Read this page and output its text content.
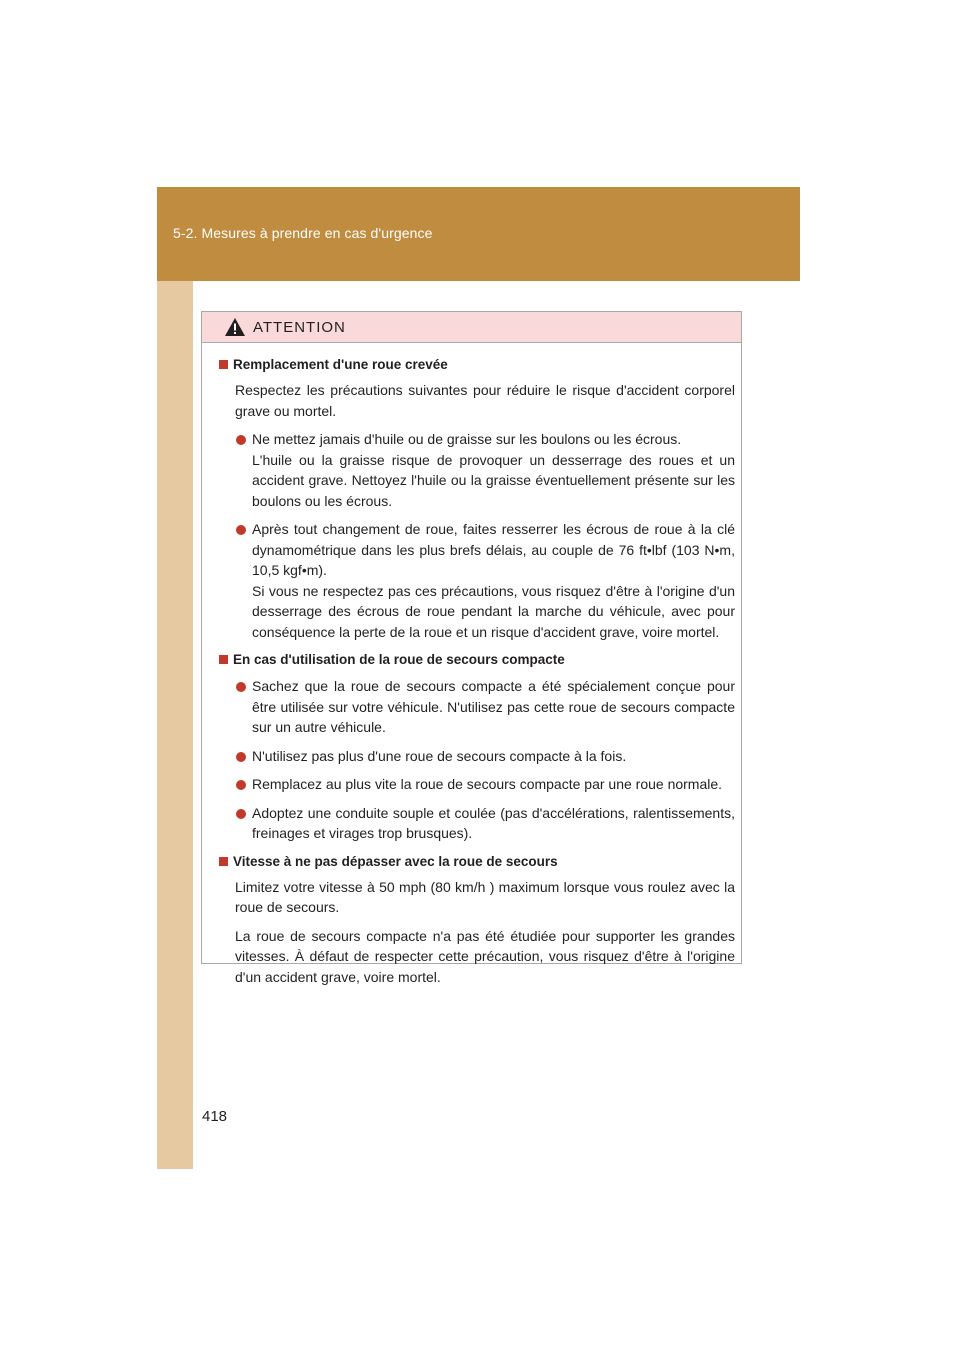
5-2. Mesures à prendre en cas d'urgence
ATTENTION
Remplacement d'une roue crevée
Respectez les précautions suivantes pour réduire le risque d'accident corporel grave ou mortel.
Ne mettez jamais d'huile ou de graisse sur les boulons ou les écrous.
L'huile ou la graisse risque de provoquer un desserrage des roues et un accident grave. Nettoyez l'huile ou la graisse éventuellement présente sur les boulons ou les écrous.
Après tout changement de roue, faites resserrer les écrous de roue à la clé dynamométrique dans les plus brefs délais, au couple de 76 ft•lbf (103 N•m, 10,5 kgf•m).
Si vous ne respectez pas ces précautions, vous risquez d'être à l'origine d'un desserrage des écrous de roue pendant la marche du véhicule, avec pour conséquence la perte de la roue et un risque d'accident grave, voire mortel.
En cas d'utilisation de la roue de secours compacte
Sachez que la roue de secours compacte a été spécialement conçue pour être utilisée sur votre véhicule. N'utilisez pas cette roue de secours compacte sur un autre véhicule.
N'utilisez pas plus d'une roue de secours compacte à la fois.
Remplacez au plus vite la roue de secours compacte par une roue normale.
Adoptez une conduite souple et coulée (pas d'accélérations, ralentissements, freinages et virages trop brusques).
Vitesse à ne pas dépasser avec la roue de secours
Limitez votre vitesse à 50 mph (80 km/h ) maximum lorsque vous roulez avec la roue de secours.
La roue de secours compacte n'a pas été étudiée pour supporter les grandes vitesses. À défaut de respecter cette précaution, vous risquez d'être à l'origine d'un accident grave, voire mortel.
418
